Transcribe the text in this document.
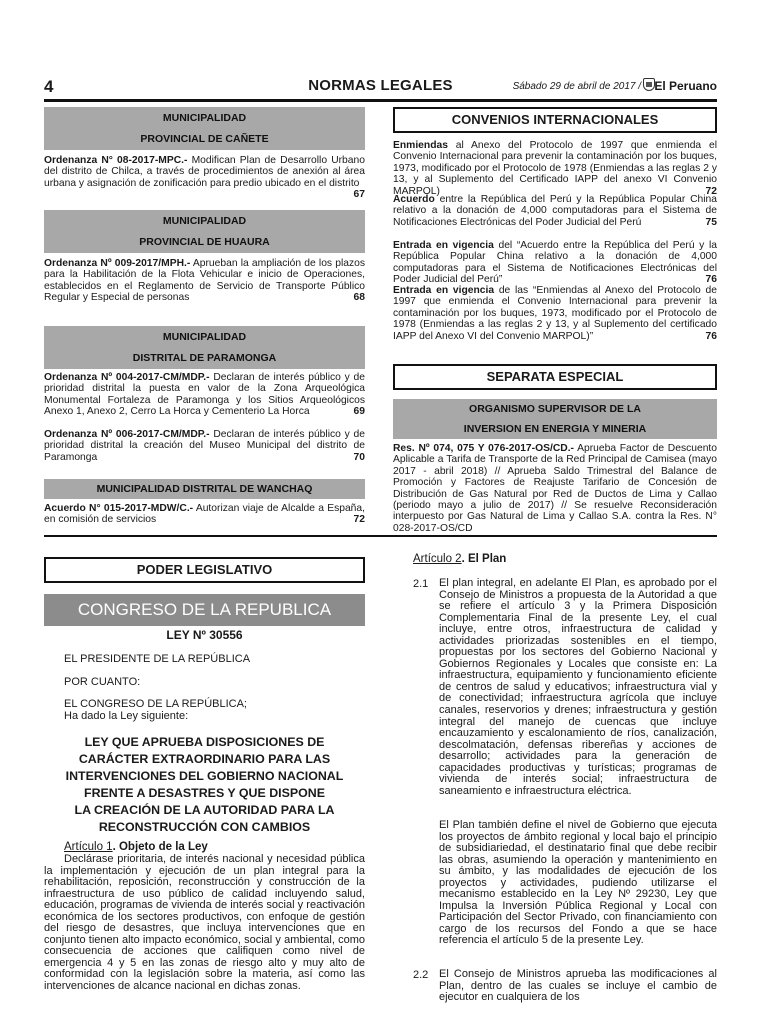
4	NORMAS LEGALES	Sábado 29 de abril de 2017 / El Peruano
MUNICIPALIDAD
PROVINCIAL DE CAÑETE
Ordenanza N° 08-2017-MPC.- Modifican Plan de Desarrollo Urbano del distrito de Chilca, a través de procedimientos de anexión al área urbana y asignación de zonificación para predio ubicado en el distrito
67
MUNICIPALIDAD
PROVINCIAL DE HUAURA
Ordenanza Nº 009-2017/MPH.- Aprueban la ampliación de los plazos para la Habilitación de la Flota Vehicular e inicio de Operaciones, establecidos en el Reglamento de Servicio de Transporte Público Regular y Especial de personas	68
MUNICIPALIDAD
DISTRITAL DE PARAMONGA
Ordenanza Nº 004-2017-CM/MDP.- Declaran de interés público y de prioridad distrital la puesta en valor de la Zona Arqueológica Monumental Fortaleza de Paramonga y los Sitios Arqueológicos Anexo 1, Anexo 2, Cerro La Horca y Cementerio La Horca	69
Ordenanza Nº 006-2017-CM/MDP.- Declaran de interés público y de prioridad distrital la creación del Museo Municipal del distrito de Paramonga	70
MUNICIPALIDAD DISTRITAL DE WANCHAQ
Acuerdo N° 015-2017-MDW/C.- Autorizan viaje de Alcalde a España, en comisión de servicios	72
CONVENIOS INTERNACIONALES
Enmiendas al Anexo del Protocolo de 1997 que enmienda el Convenio Internacional para prevenir la contaminación por los buques, 1973, modificado por el Protocolo de 1978 (Enmiendas a las reglas 2 y 13, y al Suplemento del Certificado IAPP del anexo VI Convenio MARPOL)	72
Acuerdo entre la República del Perú y la República Popular China relativo a la donación de 4,000 computadoras para el Sistema de Notificaciones Electrónicas del Poder Judicial del Perú	75
Entrada en vigencia del “Acuerdo entre la República del Perú y la República Popular China relativo a la donación de 4,000 computadoras para el Sistema de Notificaciones Electrónicas del Poder Judicial del Perú”	76
Entrada en vigencia de las “Enmiendas al Anexo del Protocolo de 1997 que enmienda el Convenio Internacional para prevenir la contaminación por los buques, 1973, modificado por el Protocolo de 1978 (Enmiendas a las reglas 2 y 13, y al Suplemento del certificado IAPP del Anexo VI del Convenio MARPOL)”	76
SEPARATA ESPECIAL
ORGANISMO SUPERVISOR DE LA
INVERSION EN ENERGIA Y MINERIA
Res. Nº 074, 075 Y 076-2017-OS/CD.- Aprueba Factor de Descuento Aplicable a Tarifa de Transporte de la Red Principal de Camisea (mayo 2017 - abril 2018) // Aprueba Saldo Trimestral del Balance de Promoción y Factores de Reajuste Tarifario de Concesión de Distribución de Gas Natural por Red de Ductos de Lima y Callao (periodo mayo a julio de 2017) // Se resuelve Reconsideración interpuesto por Gas Natural de Lima y Callao S.A. contra la Res. N° 028-2017-OS/CD
PODER LEGISLATIVO
CONGRESO DE LA REPUBLICA
LEY Nº 30556
EL PRESIDENTE DE LA REPÚBLICA
POR CUANTO:
EL CONGRESO DE LA REPÚBLICA;
Ha dado la Ley siguiente:
LEY QUE APRUEBA DISPOSICIONES DE
CARÁCTER EXTRAORDINARIO PARA LAS
INTERVENCIONES DEL GOBIERNO NACIONAL
FRENTE A DESASTRES Y QUE DISPONE
LA CREACIÓN DE LA AUTORIDAD PARA LA
RECONSTRUCCIÓN CON CAMBIOS
Artículo 1. Objeto de la Ley
Declárase prioritaria, de interés nacional y necesidad pública la implementación y ejecución de un plan integral para la rehabilitación, reposición, reconstrucción y construcción de la infraestructura de uso público de calidad incluyendo salud, educación, programas de vivienda de interés social y reactivación económica de los sectores productivos, con enfoque de gestión del riesgo de desastres, que incluya intervenciones que en conjunto tienen alto impacto económico, social y ambiental, como consecuencia de acciones que califiquen como nivel de emergencia 4 y 5 en las zonas de riesgo alto y muy alto de conformidad con la legislación sobre la materia, así como las intervenciones de alcance nacional en dichas zonas.
Artículo 2. El Plan
2.1 El plan integral, en adelante El Plan, es aprobado por el Consejo de Ministros a propuesta de la Autoridad a que se refiere el artículo 3 y la Primera Disposición Complementaria Final de la presente Ley, el cual incluye, entre otros, infraestructura de calidad y actividades priorizadas sostenibles en el tiempo, propuestas por los sectores del Gobierno Nacional y Gobiernos Regionales y Locales que consiste en: La infraestructura, equipamiento y funcionamiento eficiente de centros de salud y educativos; infraestructura vial y de conectividad; infraestructura agrícola que incluye canales, reservorios y drenes; infraestructura y gestión integral del manejo de cuencas que incluye encauzamiento y escalonamiento de ríos, canalización, descolmatación, defensas ribereñas y acciones de desarrollo; actividades para la generación de capacidades productivas y turísticas; programas de vivienda de interés social; infraestructura de saneamiento e infraestructura eléctrica.
El Plan también define el nivel de Gobierno que ejecuta los proyectos de ámbito regional y local bajo el principio de subsidiariedad, el destinatario final que debe recibir las obras, asumiendo la operación y mantenimiento en su ámbito, y las modalidades de ejecución de los proyectos y actividades, pudiendo utilizarse el mecanismo establecido en la Ley Nº 29230, Ley que Impulsa la Inversión Pública Regional y Local con Participación del Sector Privado, con financiamiento con cargo de los recursos del Fondo a que se hace referencia el artículo 5 de la presente Ley.
2.2 El Consejo de Ministros aprueba las modificaciones al Plan, dentro de las cuales se incluye el cambio de ejecutor en cualquiera de los
